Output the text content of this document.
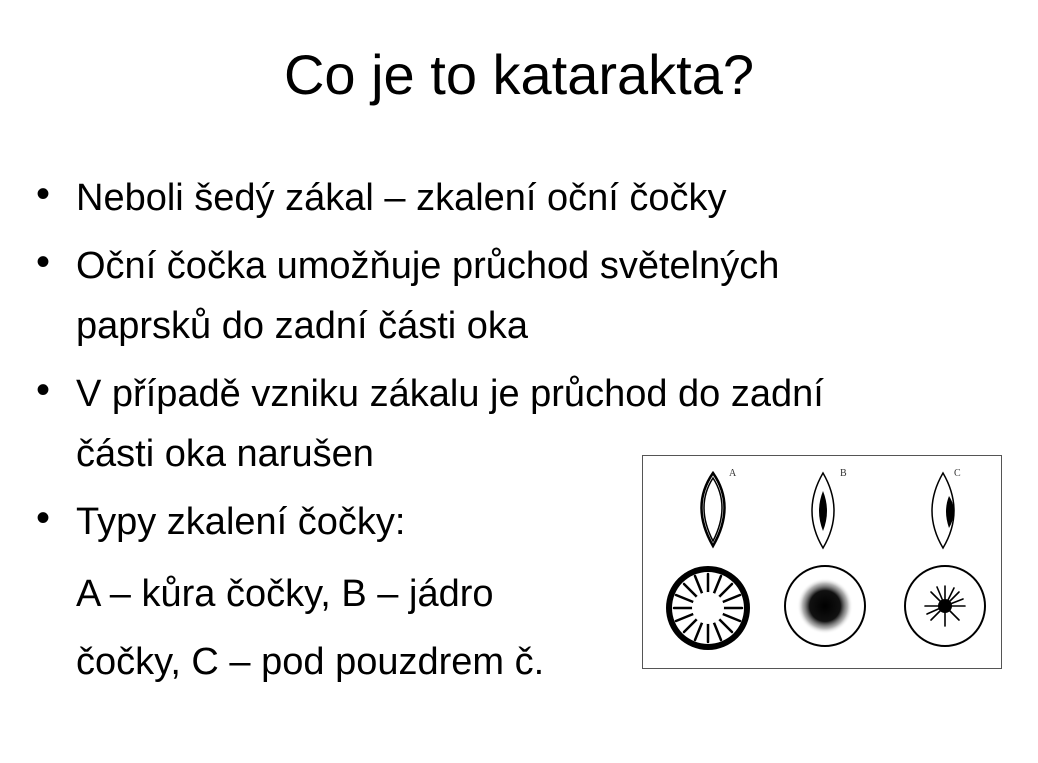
Co je to katarakta?
• Neboli šedý zákal – zkalení oční čočky
• Oční čočka umožňuje průchod světelných
paprsků do zadní části oka
• V případě vzniku zákalu je průchod do zadní
části oka narušen
• Typy zkalení čočky:
A – kůra čočky, B – jádro
čočky, C – pod pouzdrem č.
A	B	C
